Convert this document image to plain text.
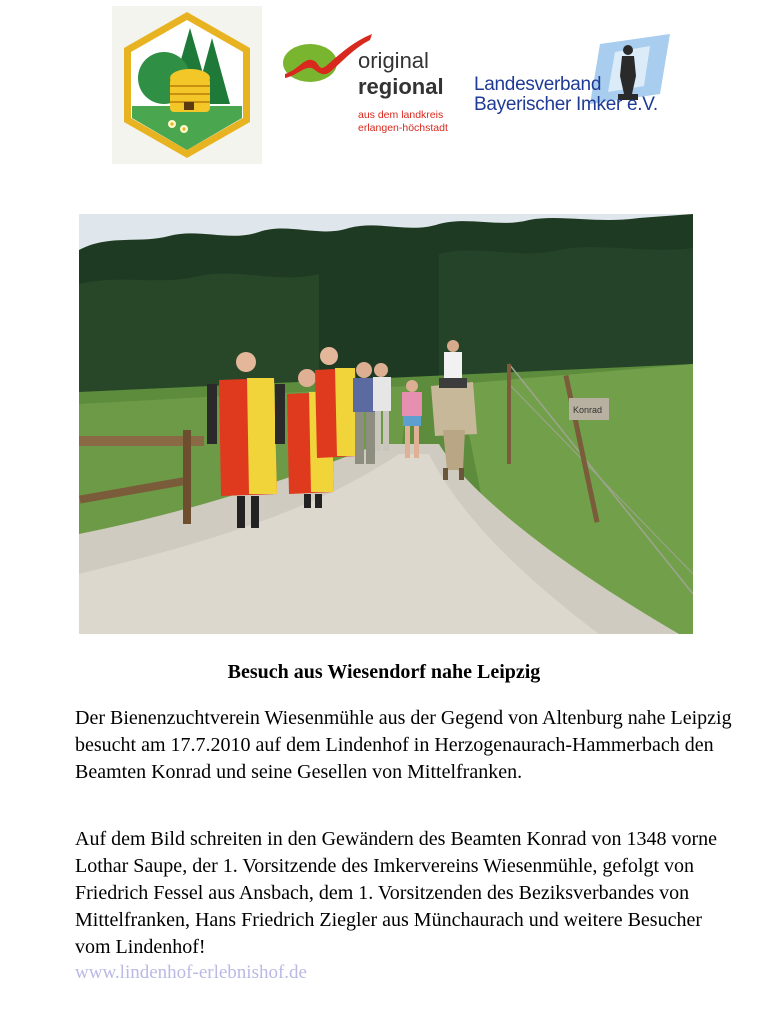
original
regional
aus dem landkreis
erlangen-höchstadt
Landesverband
Bayerischer Imker e.V.
Konrad
Besuch aus Wiesendorf nahe Leipzig

Der Bienenzuchtverein Wiesenmühle aus der Gegend von Altenburg nahe Leipzig besucht am 17.7.2010 auf dem Lindenhof in Herzogenaurach-Hammerbach den Beamten Konrad und seine Gesellen von Mittelfranken.

Auf dem Bild schreiten in den Gewändern des Beamten Konrad von 1348 vorne Lothar Saupe, der 1. Vorsitzende des Imkervereins Wiesenmühle, gefolgt von Friedrich Fessel aus Ansbach, dem 1. Vorsitzenden des Beziksverbandes von Mittelfranken, Hans Friedrich Ziegler aus Münchaurach und weitere Besucher vom Lindenhof!

www.lindenhof-erlebnishof.de
